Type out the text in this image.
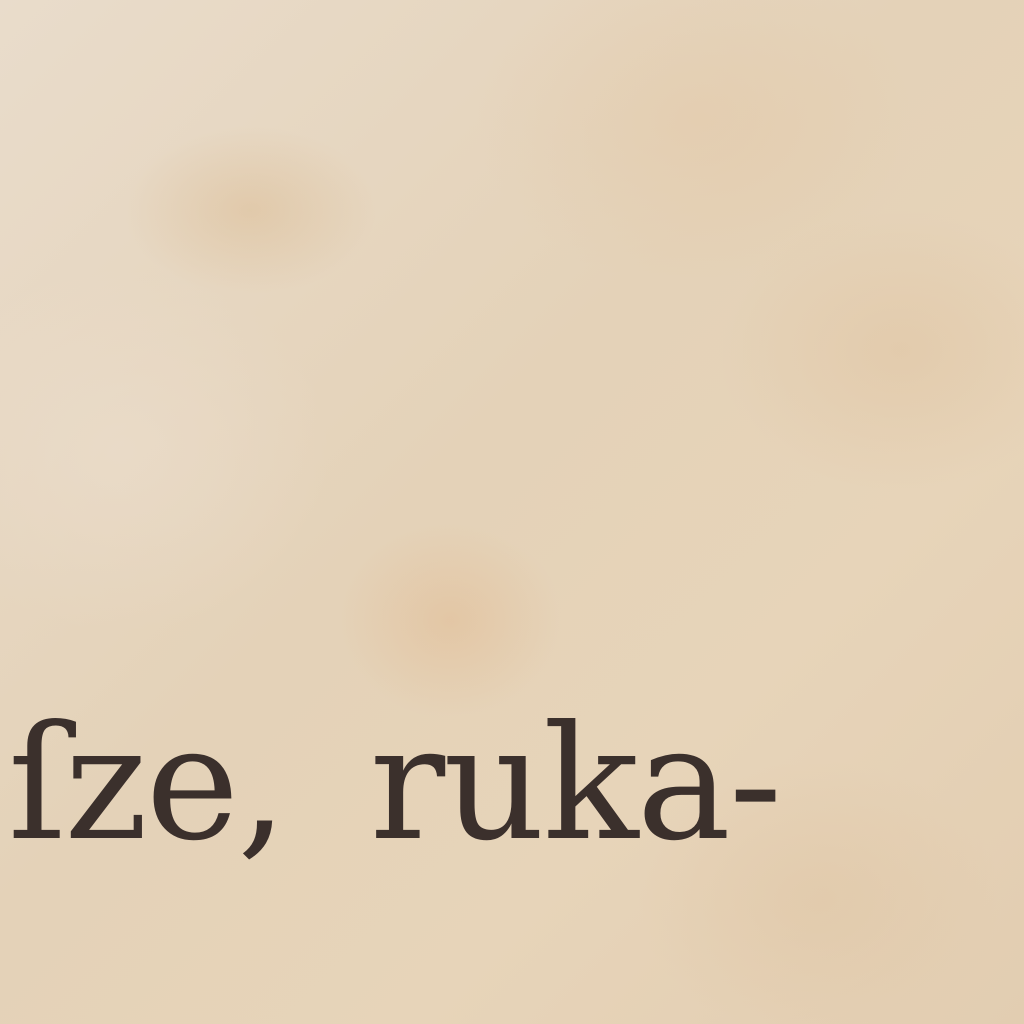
ſze, ruka-
